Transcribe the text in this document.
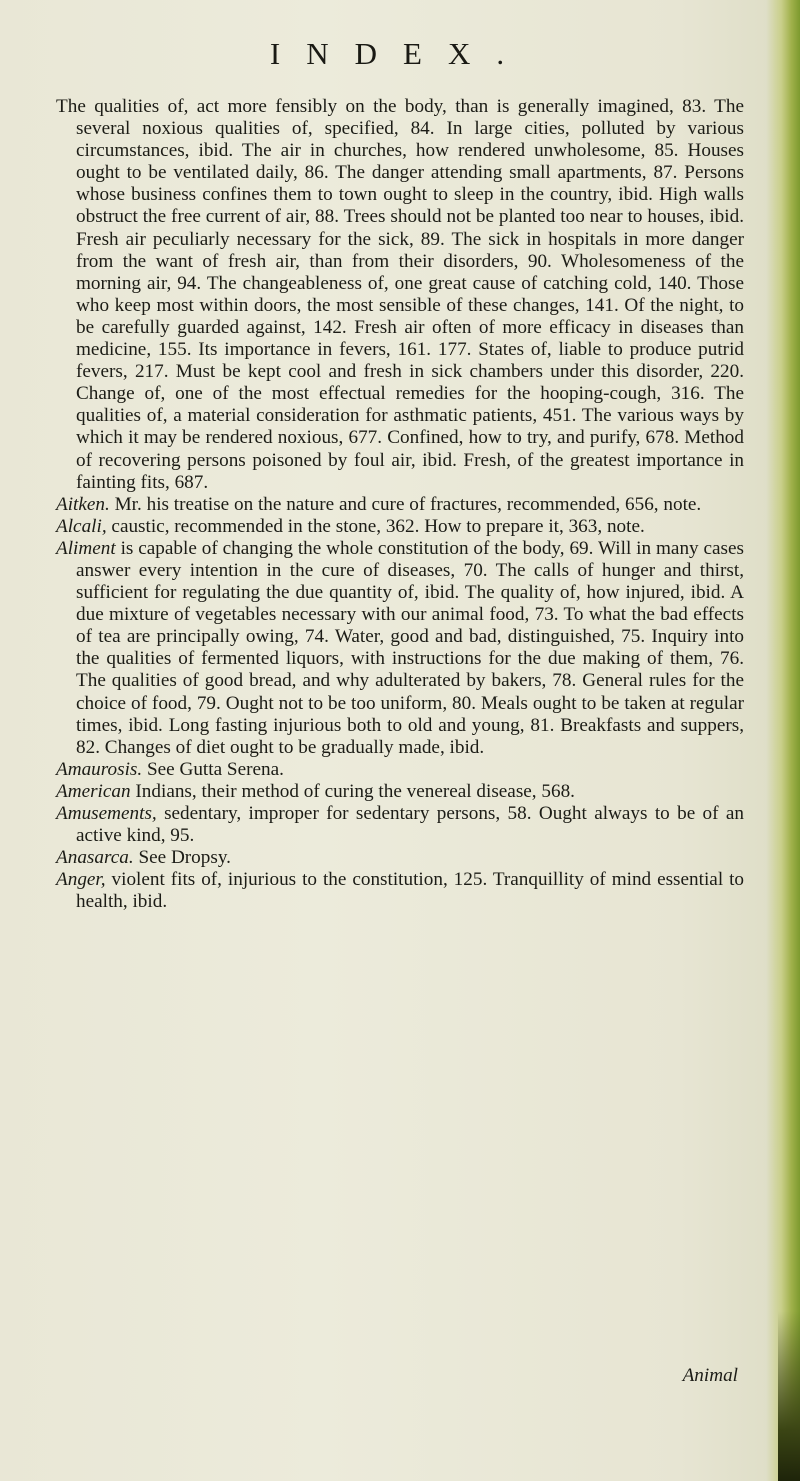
INDEX.

The qualities of, act more fensibly on the body, than is generally imagined, 83. The several noxious qualities of, specified, 84. In large cities, polluted by various circumstances, ibid. The air in churches, how rendered unwholesome, 85. Houses ought to be ventilated daily, 86. The danger attending small apartments, 87. Persons whose business confines them to town ought to sleep in the country, ibid. High walls obstruct the free current of air, 88. Trees should not be planted too near to houses, ibid. Fresh air peculiarly necessary for the sick, 89. The sick in hospitals in more danger from the want of fresh air, than from their disorders, 90. Wholesomeness of the morning air, 94. The changeableness of, one great cause of catching cold, 140. Those who keep most within doors, the most sensible of these changes, 141. Of the night, to be carefully guarded against, 142. Fresh air often of more efficacy in diseases than medicine, 155. Its importance in fevers, 161. 177. States of, liable to produce putrid fevers, 217. Must be kept cool and fresh in sick chambers under this disorder, 220. Change of, one of the most effectual remedies for the hooping-cough, 316. The qualities of, a material consideration for asthmatic patients, 451. The various ways by which it may be rendered noxious, 677. Confined, how to try, and purify, 678. Method of recovering persons poisoned by foul air, ibid. Fresh, of the greatest importance in fainting fits, 687.

Aitken. Mr. his treatise on the nature and cure of fractures, recommended, 656, note.

Alcali, caustic, recommended in the stone, 362. How to prepare it, 363, note.

Aliment is capable of changing the whole constitution of the body, 69. Will in many cases answer every intention in the cure of diseases, 70. The calls of hunger and thirst, sufficient for regulating the due quantity of, ibid. The quality of, how injured, ibid. A due mixture of vegetables necessary with our animal food, 73. To what the bad effects of tea are principally owing, 74. Water, good and bad, distinguished, 75. Inquiry into the qualities of fermented liquors, with instructions for the due making of them, 76. The qualities of good bread, and why adulterated by bakers, 78. General rules for the choice of food, 79. Ought not to be too uniform, 80. Meals ought to be taken at regular times, ibid. Long fasting injurious both to old and young, 81. Breakfasts and suppers, 82. Changes of diet ought to be gradually made, ibid.

Amaurosis. See Gutta Serena.

American Indians, their method of curing the venereal disease, 568.

Amusements, sedentary, improper for sedentary persons, 58. Ought always to be of an active kind, 95.

Anasarca. See Dropsy.

Anger, violent fits of, injurious to the constitution, 125. Tranquillity of mind essential to health, ibid.

Animal
